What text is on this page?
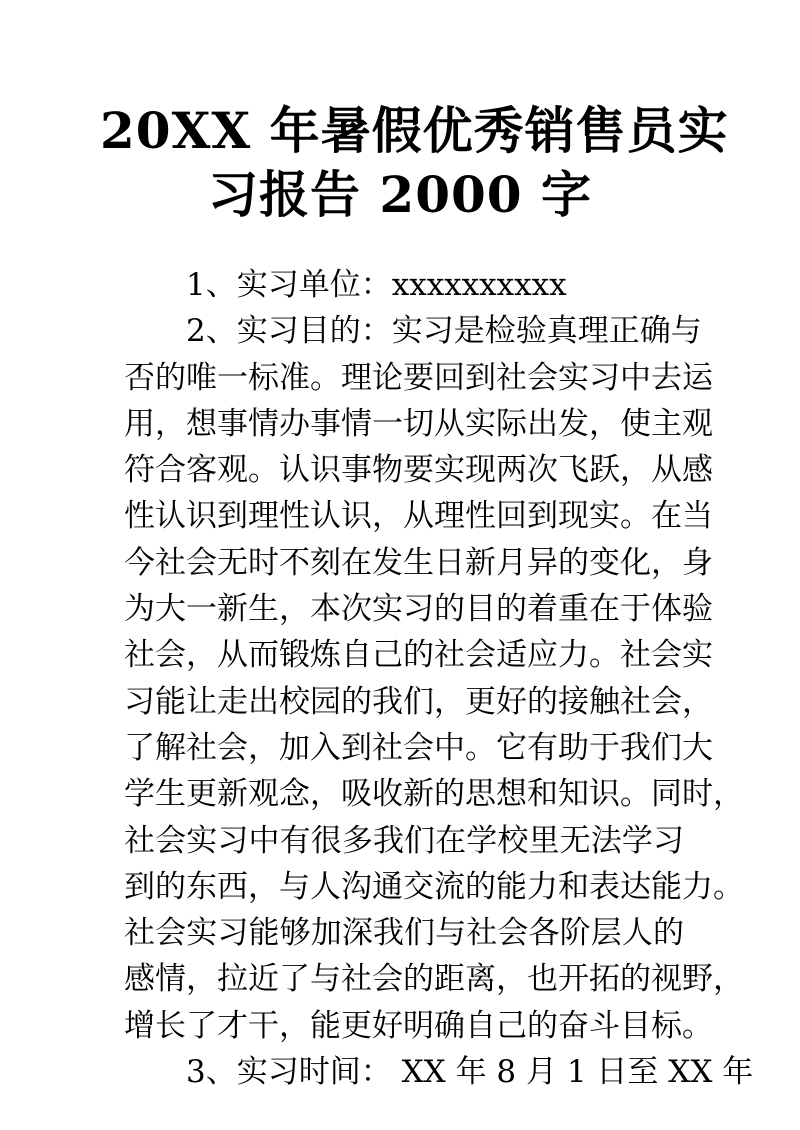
20XX 年暑假优秀销售员实
习报告 2000 字
1、实习单位：xxxxxxxxxx
2、实习目的：实习是检验真理正确与
否的唯一标准。理论要回到社会实习中去运
用，想事情办事情一切从实际出发，使主观
符合客观。认识事物要实现两次飞跃，从感
性认识到理性认识，从理性回到现实。在当
今社会无时不刻在发生日新月异的变化，身
为大一新生，本次实习的目的着重在于体验
社会，从而锻炼自己的社会适应力。社会实
习能让走出校园的我们，更好的接触社会，
了解社会，加入到社会中。它有助于我们大
学生更新观念，吸收新的思想和知识。同时，
社会实习中有很多我们在学校里无法学习
到的东西，与人沟通交流的能力和表达能力。
社会实习能够加深我们与社会各阶层人的
感情，拉近了与社会的距离，也开拓的视野，
增长了才干，能更好明确自己的奋斗目标。
3、实习时间： XX 年 8 月 1 日至 XX 年
